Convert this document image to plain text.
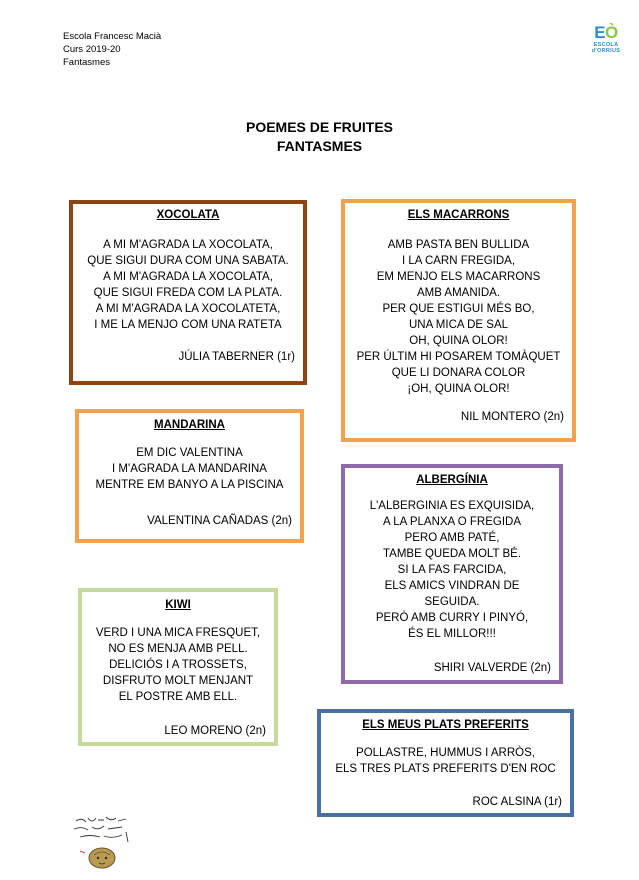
Escola Francesc Macià
Curs 2019-20
Fantasmes
EÒ
ESCOLA
d'ORRIUS
POEMES DE FRUITES
FANTASMES
XOCOLATA
A MI M'AGRADA LA XOCOLATA,
QUE SIGUI DURA COM UNA SABATA.
A MI M'AGRADA LA XOCOLATA,
QUE SIGUI FREDA COM LA PLATA.
A MI M'AGRADA LA XOCOLATETA,
I ME LA MENJO COM UNA RATETA
JÚLIA TABERNER (1r)
ELS MACARRONS
AMB PASTA BEN BULLIDA
I LA CARN FREGIDA,
EM MENJO ELS MACARRONS
AMB AMANIDA.
PER QUE ESTIGUI MÉS BO,
UNA MICA DE SAL
OH, QUINA OLOR!
PER ÚLTIM HI POSAREM TOMÀQUET
QUE LI DONARA COLOR
¡OH, QUINA OLOR!
NIL MONTERO (2n)
MANDARINA
EM DIC VALENTINA
I M'AGRADA LA MANDARINA
MENTRE EM BANYO A LA PISCINA
VALENTINA CAÑADAS (2n)
ALBERGÍNIA
L'ALBERGINIA ES EXQUISIDA,
A LA PLANXA O FREGIDA
PERO AMB PATÉ,
TAMBE QUEDA MOLT BÉ.
SI LA FAS FARCIDA,
ELS AMICS VINDRAN DE
SEGUIDA.
PERÒ AMB CURRY I PINYÓ,
ÉS EL MILLOR!!!
SHIRI VALVERDE (2n)
KIWI
VERD I UNA MICA FRESQUET,
NO ES MENJA AMB PELL.
DELICIÓS I A TROSSETS,
DISFRUTO MOLT MENJANT
EL POSTRE AMB ELL.
LEO MORENO (2n)	ELS MEUS PLATS PREFERITS
POLLASTRE, HUMMUS I ARRÒS,
ELS TRES PLATS PREFERITS D'EN ROC
ROC ALSINA (1r)
